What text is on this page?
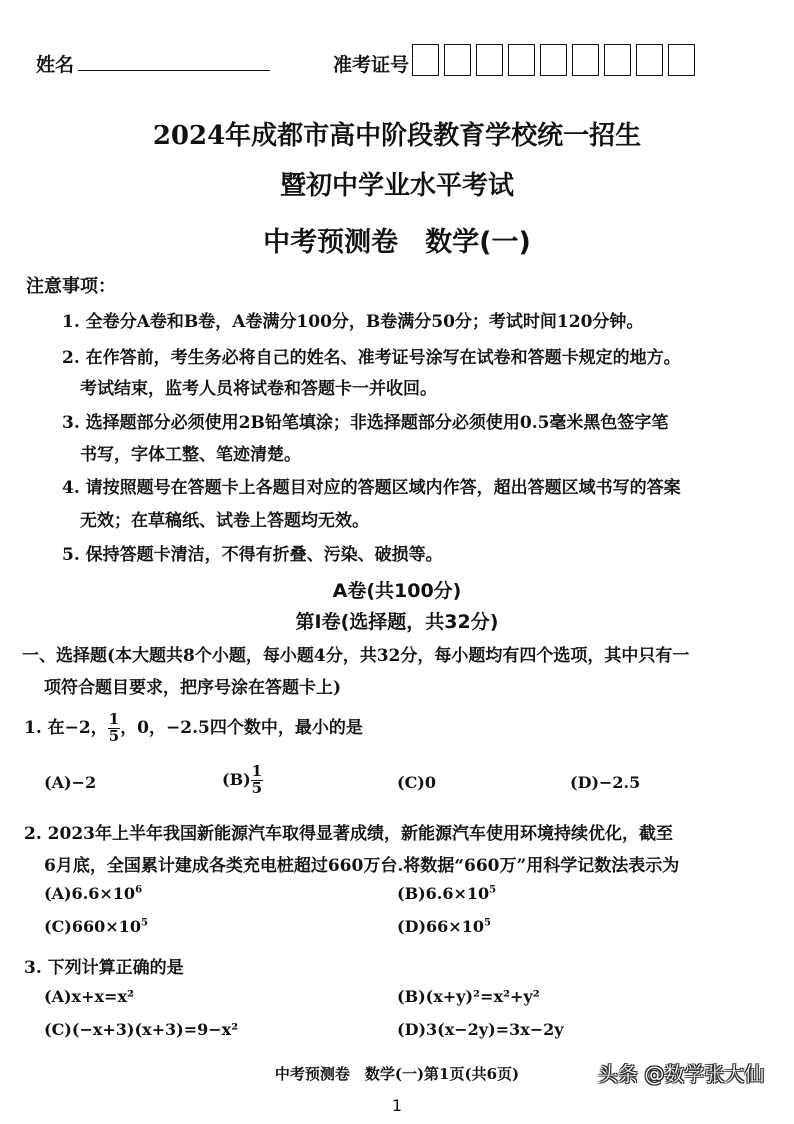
姓名	准考证号
2024年成都市高中阶段教育学校统一招生
暨初中学业水平考试
中考预测卷　数学(一)
注意事项：
1. 全卷分A卷和B卷，A卷满分100分，B卷满分50分；考试时间120分钟。
2. 在作答前，考生务必将自己的姓名、准考证号涂写在试卷和答题卡规定的地方。
考试结束，监考人员将试卷和答题卡一并收回。
3. 选择题部分必须使用2B铅笔填涂；非选择题部分必须使用0.5毫米黑色签字笔
书写，字体工整、笔迹清楚。
4. 请按照题号在答题卡上各题目对应的答题区域内作答，超出答题区域书写的答案
无效；在草稿纸、试卷上答题均无效。
5. 保持答题卡清洁，不得有折叠、污染、破损等。
A卷(共100分)
第Ⅰ卷(选择题，共32分)
一、选择题(本大题共8个小题，每小题4分，共32分，每小题均有四个选项，其中只有一
项符合题目要求，把序号涂在答题卡上)
1. 在−2， $\frac{1}{5}$ ，0，−2.5四个数中，最小的是
(A)−2	$(B) \frac{1}{5}$	(C)0	(D)−2.5
2. 2023年上半年我国新能源汽车取得显著成绩，新能源汽车使用环境持续优化，截至
6月底，全国累计建成各类充电桩超过660万台.将数据“660万”用科学记数法表示为
$(A)6.6\times 10^6$	$(B)6.6\times 10^5$
$(C)660\times 10^5$	$(D)66\times 10^5$
3. 下列计算正确的是
(A)x+x=x²	(B)(x+y)²=x²+y²
(C)(−x+3)(x+3)=9−x²	(D)3(x−2y)=3x−2y
中考预测卷　数学(一)第1页(共6页)	头条 @数学张大仙
1
